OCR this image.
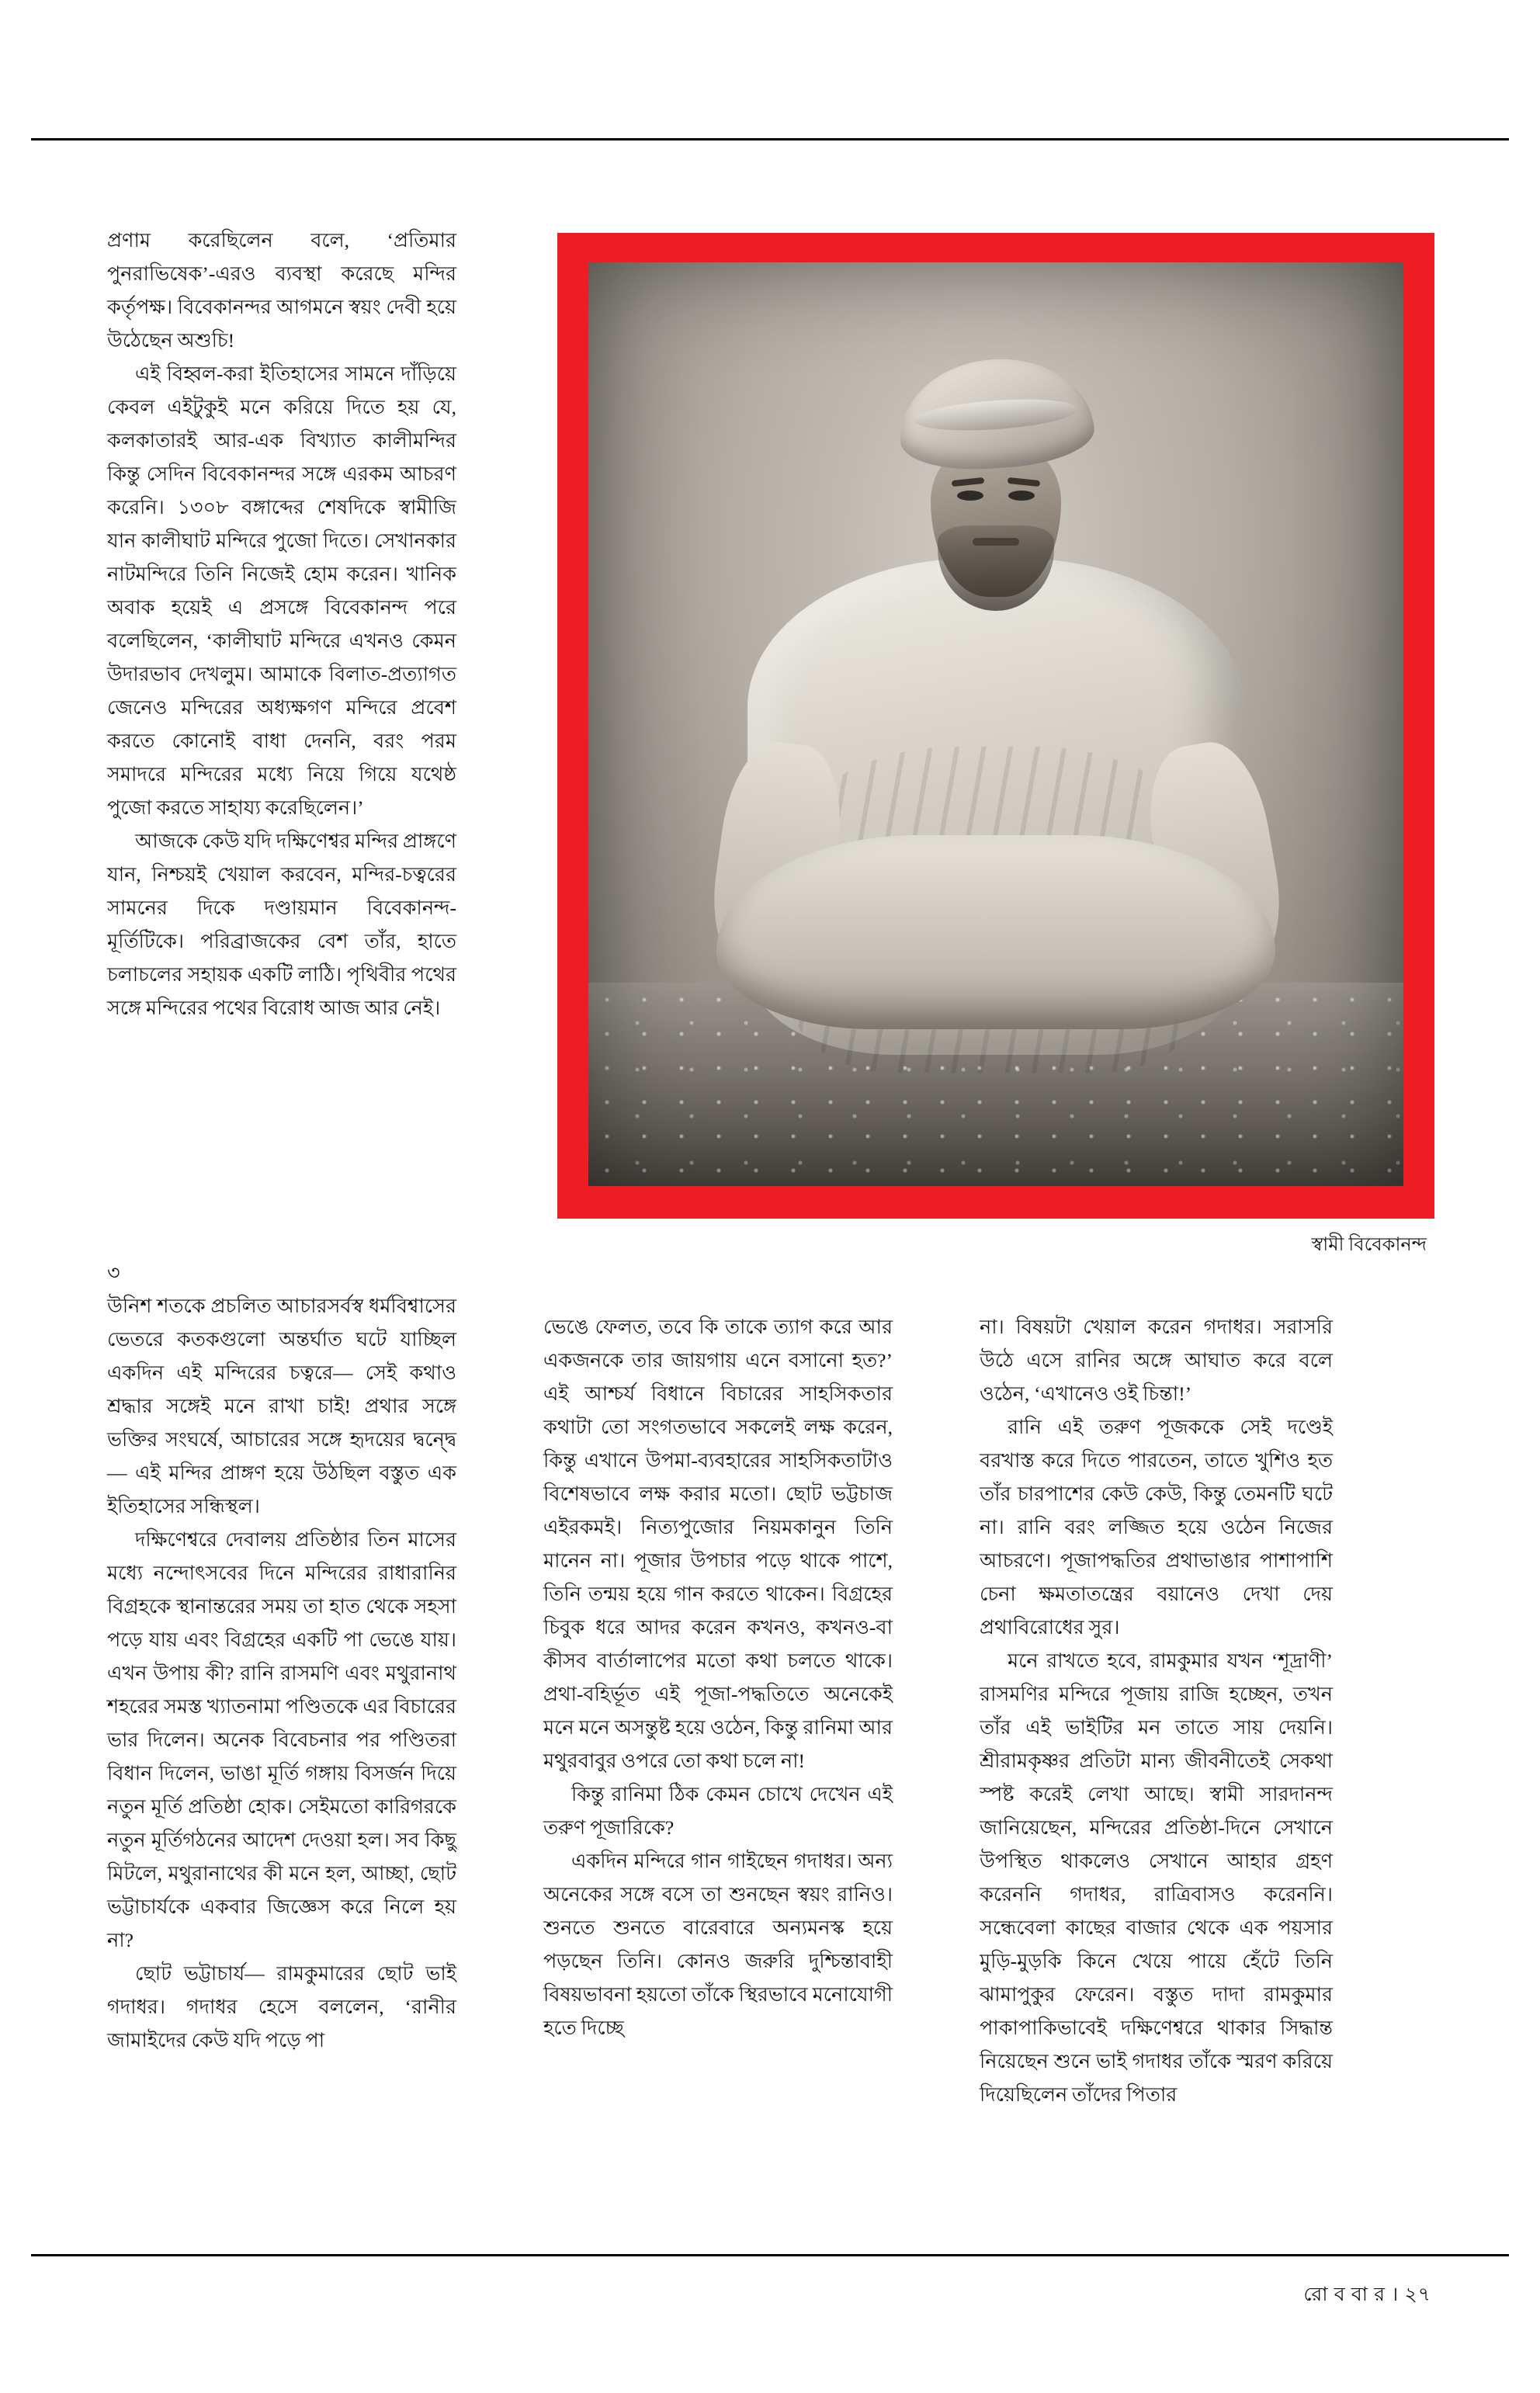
প্রণাম করেছিলেন বলে, ‘প্রতিমার পুনরাভিষেক’-এরও ব্যবস্থা করেছে মন্দির কর্তৃপক্ষ। বিবেকানন্দর আগমনে স্বয়ং দেবী হয়ে উঠেছেন অশুচি!

এই বিহ্বল-করা ইতিহাসের সামনে দাঁড়িয়ে কেবল এইটুকুই মনে করিয়ে দিতে হয় যে, কলকাতারই আর-এক বিখ্যাত কালীমন্দির কিন্তু সেদিন বিবেকানন্দর সঙ্গে এরকম আচরণ করেনি। ১৩০৮ বঙ্গাব্দের শেষদিকে স্বামীজি যান কালীঘাট মন্দিরে পুজো দিতে। সেখানকার নাটমন্দিরে তিনি নিজেই হোম করেন। খানিক অবাক হয়েই এ প্রসঙ্গে বিবেকানন্দ পরে বলেছিলেন, ‘কালীঘাট মন্দিরে এখনও কেমন উদারভাব দেখলুম। আমাকে বিলাত-প্রত্যাগত জেনেও মন্দিরের অধ্যক্ষগণ মন্দিরে প্রবেশ করতে কোনোই বাধা দেননি, বরং পরম সমাদরে মন্দিরের মধ্যে নিয়ে গিয়ে যথেষ্ঠ পুজো করতে সাহায্য করেছিলেন।’

আজকে কেউ যদি দক্ষিণেশ্বর মন্দির প্রাঙ্গণে যান, নিশ্চয়ই খেয়াল করবেন, মন্দির-চত্বরের সামনের দিকে দণ্ডায়মান বিবেকানন্দ-মূর্তিটিকে। পরিব্রাজকের বেশ তাঁর, হাতে চলাচলের সহায়ক একটি লাঠি। পৃথিবীর পথের সঙ্গে মন্দিরের পথের বিরোধ আজ আর নেই।

স্বামী বিবেকানন্দ

৩

উনিশ শতকে প্রচলিত আচারসর্বস্ব ধর্মবিশ্বাসের ভেতরে কতকগুলো অন্তর্ঘাত ঘটে যাচ্ছিল একদিন এই মন্দিরের চত্বরে— সেই কথাও শ্রদ্ধার সঙ্গেই মনে রাখা চাই! প্রথার সঙ্গে ভক্তির সংঘর্ষে, আচারের সঙ্গে হৃদয়ের দ্বন্দ্বে— এই মন্দির প্রাঙ্গণ হয়ে উঠছিল বস্তুত এক ইতিহাসের সন্ধিস্থল।

দক্ষিণেশ্বরে দেবালয় প্রতিষ্ঠার তিন মাসের মধ্যে নন্দোৎসবের দিনে মন্দিরের রাধারানির বিগ্রহকে স্থানান্তরের সময় তা হাত থেকে সহসা পড়ে যায় এবং বিগ্রহের একটি পা ভেঙে যায়। এখন উপায় কী? রানি রাসমণি এবং মথুরানাথ শহরের সমস্ত খ্যাতনামা পণ্ডিতকে এর বিচারের ভার দিলেন। অনেক বিবেচনার পর পণ্ডিতরা বিধান দিলেন, ভাঙা মূর্তি গঙ্গায় বিসর্জন দিয়ে নতুন মূর্তি প্রতিষ্ঠা হোক। সেইমতো কারিগরকে নতুন মূর্তিগঠনের আদেশ দেওয়া হল। সব কিছু মিটলে, মথুরানাথের কী মনে হল, আচ্ছা, ছোট ভট্টাচার্যকে একবার জিজ্ঞেস করে নিলে হয় না?

ছোট ভট্টাচার্য— রামকুমারের ছোট ভাই গদাধর। গদাধর হেসে বললেন, ‘রানীর জামাইদের কেউ যদি পড়ে পা

ভেঙে ফেলত, তবে কি তাকে ত্যাগ করে আর একজনকে তার জায়গায় এনে বসানো হত?’ এই আশ্চর্য বিধানে বিচারের সাহসিকতার কথাটা তো সংগতভাবে সকলেই লক্ষ করেন, কিন্তু এখানে উপমা-ব্যবহারের সাহসিকতাটাও বিশেষভাবে লক্ষ করার মতো। ছোট ভট্টচাজ এইরকমই। নিত্যপুজোর নিয়মকানুন তিনি মানেন না। পূজার উপচার পড়ে থাকে পাশে, তিনি তন্ময় হয়ে গান করতে থাকেন। বিগ্রহের চিবুক ধরে আদর করেন কখনও, কখনও-বা কীসব বার্তালাপের মতো কথা চলতে থাকে। প্রথা-বহির্ভূত এই পূজা-পদ্ধতিতে অনেকেই মনে মনে অসন্তুষ্ট হয়ে ওঠেন, কিন্তু রানিমা আর মথুরবাবুর ওপরে তো কথা চলে না!

কিন্তু রানিমা ঠিক কেমন চোখে দেখেন এই তরুণ পূজারিকে?

একদিন মন্দিরে গান গাইছেন গদাধর। অন্য অনেকের সঙ্গে বসে তা শুনছেন স্বয়ং রানিও। শুনতে শুনতে বারেবারে অন্যমনস্ক হয়ে পড়ছেন তিনি। কোনও জরুরি দুশ্চিন্তাবাহী বিষয়ভাবনা হয়তো তাঁকে স্থিরভাবে মনোযোগী হতে দিচ্ছে

না। বিষয়টা খেয়াল করেন গদাধর। সরাসরি উঠে এসে রানির অঙ্গে আঘাত করে বলে ওঠেন, ‘এখানেও ওই চিন্তা!’

রানি এই তরুণ পূজককে সেই দণ্ডেই বরখাস্ত করে দিতে পারতেন, তাতে খুশিও হত তাঁর চারপাশের কেউ কেউ, কিন্তু তেমনটি ঘটে না। রানি বরং লজ্জিত হয়ে ওঠেন নিজের আচরণে। পূজাপদ্ধতির প্রথাভাঙার পাশাপাশি চেনা ক্ষমতাতন্ত্রের বয়ানেও দেখা দেয় প্রথাবিরোধের সুর।

মনে রাখতে হবে, রামকুমার যখন ‘শূদ্রাণী’ রাসমণির মন্দিরে পূজায় রাজি হচ্ছেন, তখন তাঁর এই ভাইটির মন তাতে সায় দেয়নি। শ্রীরামকৃষ্ণর প্রতিটা মান্য জীবনীতেই সেকথা স্পষ্ট করেই লেখা আছে। স্বামী সারদানন্দ জানিয়েছেন, মন্দিরের প্রতিষ্ঠা-দিনে সেখানে উপস্থিত থাকলেও সেখানে আহার গ্রহণ করেননি গদাধর, রাত্রিবাসও করেননি। সন্ধেবেলা কাছের বাজার থেকে এক পয়সার মুড়ি-মুড়কি কিনে খেয়ে পায়ে হেঁটে তিনি ঝামাপুকুর ফেরেন। বস্তুত দাদা রামকুমার পাকাপাকিভাবেই দক্ষিণেশ্বরে থাকার সিদ্ধান্ত নিয়েছেন শুনে ভাই গদাধর তাঁকে স্মরণ করিয়ে দিয়েছিলেন তাঁদের পিতার

রো ব বা র । ২৭
